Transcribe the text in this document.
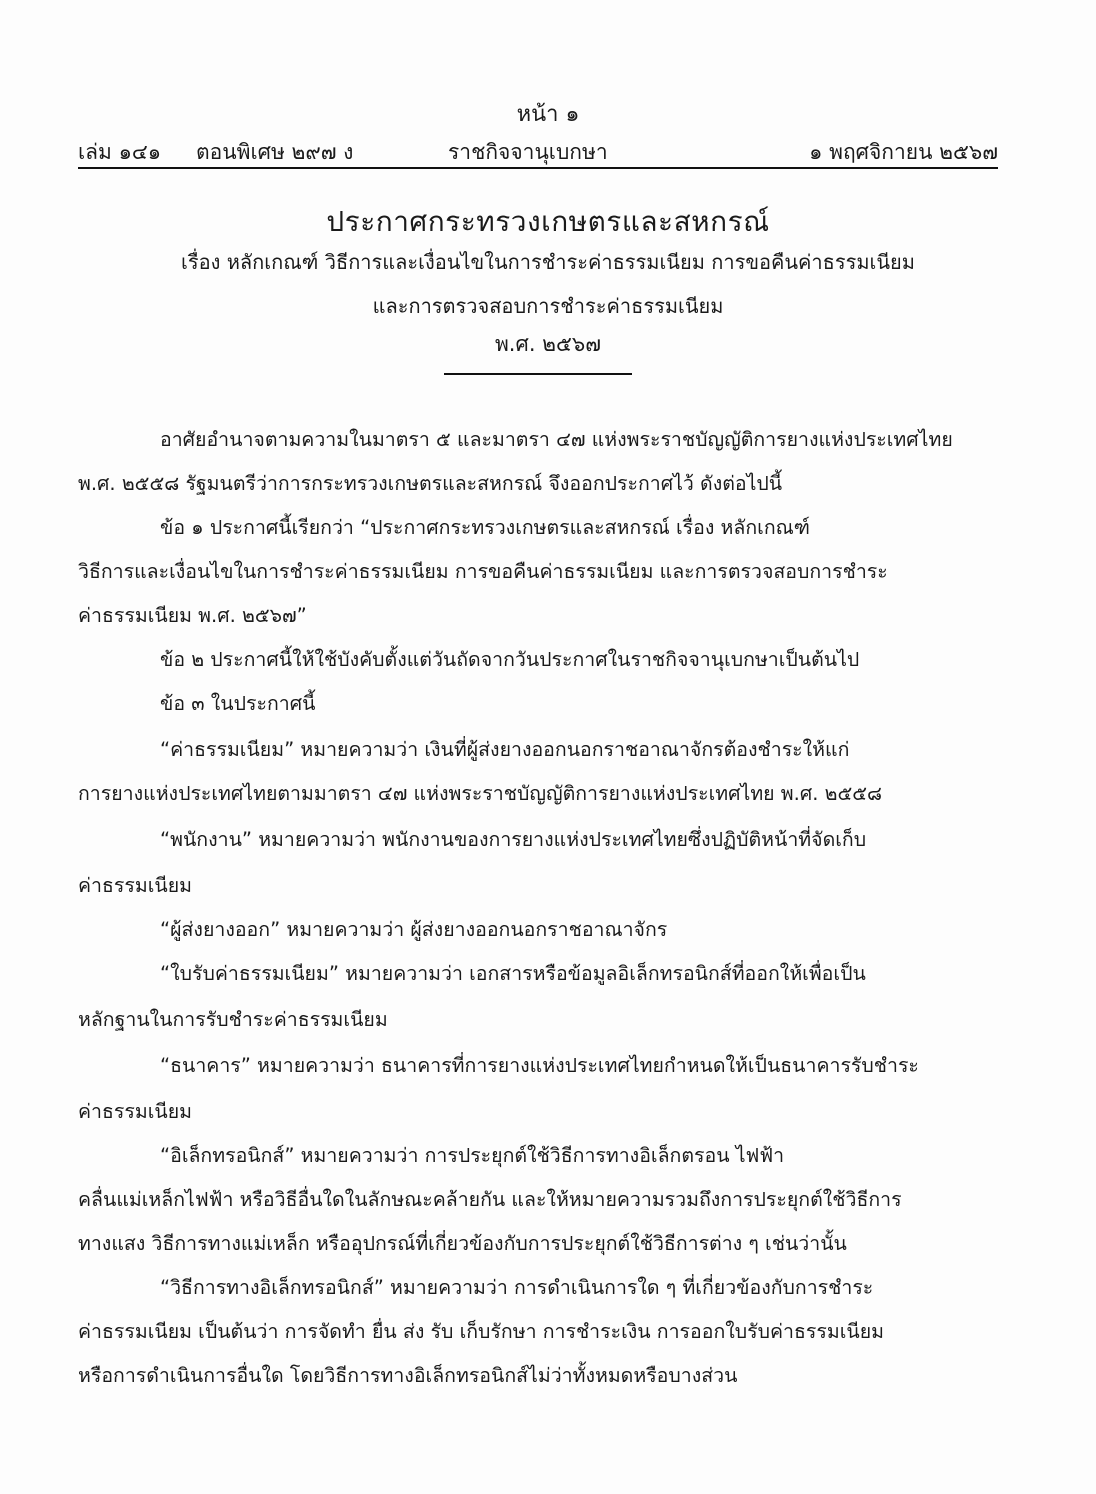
หน้า ๑
เล่ม ๑๔๑ ตอนพิเศษ ๒๙๗ ง	ราชกิจจานุเบกษา	๑ พฤศจิกายน ๒๕๖๗
ประกาศกระทรวงเกษตรและสหกรณ์
เรื่อง หลักเกณฑ์ วิธีการและเงื่อนไขในการชำระค่าธรรมเนียม การขอคืนค่าธรรมเนียม
และการตรวจสอบการชำระค่าธรรมเนียม
พ.ศ. ๒๕๖๗
อาศัยอำนาจตามความในมาตรา ๕ และมาตรา ๔๗ แห่งพระราชบัญญัติการยางแห่งประเทศไทย
พ.ศ. ๒๕๕๘ รัฐมนตรีว่าการกระทรวงเกษตรและสหกรณ์ จึงออกประกาศไว้ ดังต่อไปนี้
ข้อ ๑ ประกาศนี้เรียกว่า “ประกาศกระทรวงเกษตรและสหกรณ์ เรื่อง หลักเกณฑ์
วิธีการและเงื่อนไขในการชำระค่าธรรมเนียม การขอคืนค่าธรรมเนียม และการตรวจสอบการชำระ
ค่าธรรมเนียม พ.ศ. ๒๕๖๗”
ข้อ ๒ ประกาศนี้ให้ใช้บังคับตั้งแต่วันถัดจากวันประกาศในราชกิจจานุเบกษาเป็นต้นไป
ข้อ ๓ ในประกาศนี้
“ค่าธรรมเนียม” หมายความว่า เงินที่ผู้ส่งยางออกนอกราชอาณาจักรต้องชำระให้แก่
การยางแห่งประเทศไทยตามมาตรา ๔๗ แห่งพระราชบัญญัติการยางแห่งประเทศไทย พ.ศ. ๒๕๕๘
“พนักงาน” หมายความว่า พนักงานของการยางแห่งประเทศไทยซึ่งปฏิบัติหน้าที่จัดเก็บ
ค่าธรรมเนียม
“ผู้ส่งยางออก” หมายความว่า ผู้ส่งยางออกนอกราชอาณาจักร
“ใบรับค่าธรรมเนียม” หมายความว่า เอกสารหรือข้อมูลอิเล็กทรอนิกส์ที่ออกให้เพื่อเป็น
หลักฐานในการรับชำระค่าธรรมเนียม
“ธนาคาร” หมายความว่า ธนาคารที่การยางแห่งประเทศไทยกำหนดให้เป็นธนาคารรับชำระ
ค่าธรรมเนียม
“อิเล็กทรอนิกส์” หมายความว่า การประยุกต์ใช้วิธีการทางอิเล็กตรอน ไฟฟ้า
คลื่นแม่เหล็กไฟฟ้า หรือวิธีอื่นใดในลักษณะคล้ายกัน และให้หมายความรวมถึงการประยุกต์ใช้วิธีการ
ทางแสง วิธีการทางแม่เหล็ก หรืออุปกรณ์ที่เกี่ยวข้องกับการประยุกต์ใช้วิธีการต่าง ๆ เช่นว่านั้น
“วิธีการทางอิเล็กทรอนิกส์” หมายความว่า การดำเนินการใด ๆ ที่เกี่ยวข้องกับการชำระ
ค่าธรรมเนียม เป็นต้นว่า การจัดทำ ยื่น ส่ง รับ เก็บรักษา การชำระเงิน การออกใบรับค่าธรรมเนียม
หรือการดำเนินการอื่นใด โดยวิธีการทางอิเล็กทรอนิกส์ไม่ว่าทั้งหมดหรือบางส่วน
